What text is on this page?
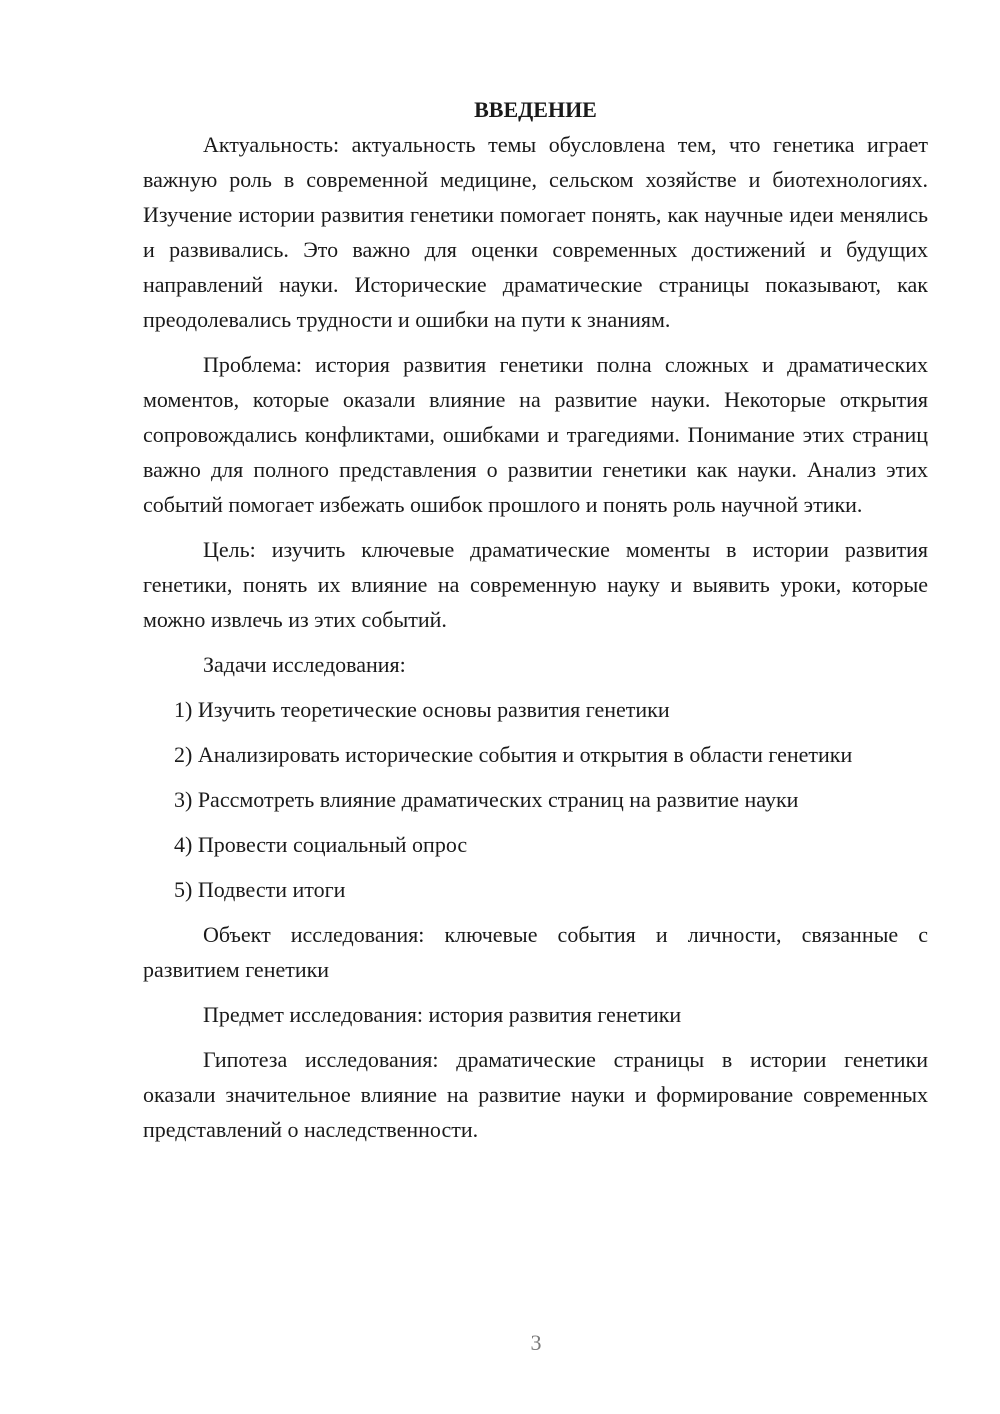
ВВЕДЕНИЕ

Актуальность: актуальность темы обусловлена тем, что генетика играет важную роль в современной медицине, сельском хозяйстве и биотехнологиях. Изучение истории развития генетики помогает понять, как научные идеи менялись и развивались. Это важно для оценки современных достижений и будущих направлений науки. Исторические драматические страницы показывают, как преодолевались трудности и ошибки на пути к знаниям.

Проблема: история развития генетики полна сложных и драматических моментов, которые оказали влияние на развитие науки. Некоторые открытия сопровождались конфликтами, ошибками и трагедиями. Понимание этих страниц важно для полного представления о развитии генетики как науки. Анализ этих событий помогает избежать ошибок прошлого и понять роль научной этики.

Цель: изучить ключевые драматические моменты в истории развития генетики, понять их влияние на современную науку и выявить уроки, которые можно извлечь из этих событий.

Задачи исследования:

1) Изучить теоретические основы развития генетики

2) Анализировать исторические события и открытия в области генетики

3) Рассмотреть влияние драматических страниц на развитие науки

4) Провести социальный опрос

5) Подвести итоги

Объект исследования: ключевые события и личности, связанные с развитием генетики

Предмет исследования: история развития генетики

Гипотеза исследования: драматические страницы в истории генетики оказали значительное влияние на развитие науки и формирование современных представлений о наследственности.

3
